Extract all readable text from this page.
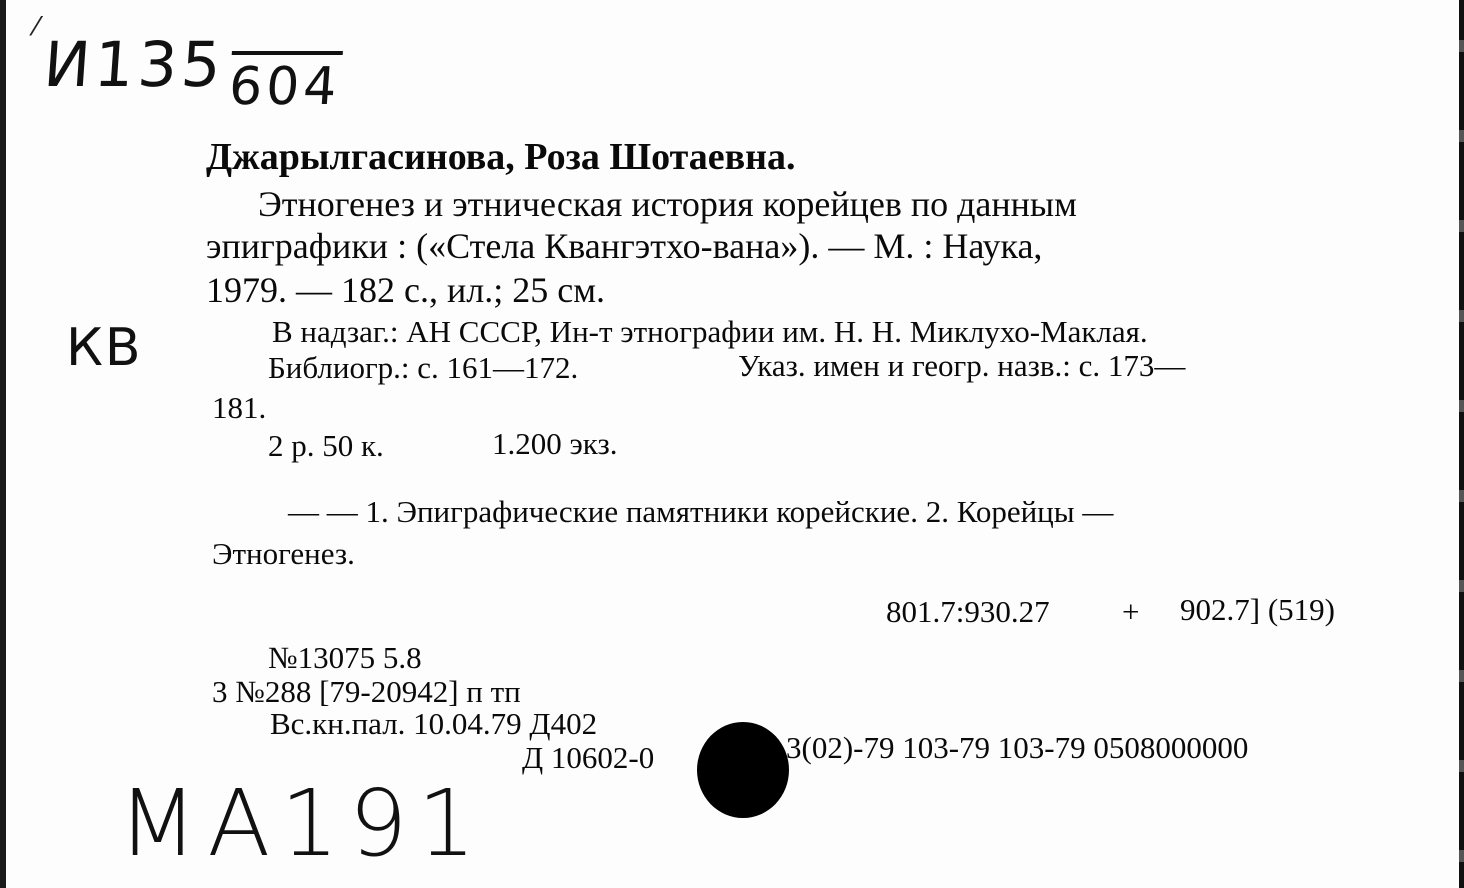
⁄
$И135_{604}$
КВ
МА191
Джарылгасинова, Роза Шотаевна.
Этногенез и этническая история корейцев по данным
эпиграфики : («Стела Квангэтхо-вана»). — М. : Наука,
1979. — 182 с., ил.; 25 см.
В надзаг.: АН СССР, Ин-т этнографии им. Н. Н. Миклухо-Маклая.
Библиогр.: с. 161—172.	Указ. имен и геогр. назв.: с. 173—
181.
2 р. 50 к.	1.200 экз.
— — 1. Эпиграфические памятники корейские. 2. Корейцы —
Этногенез.
801.7:930.27 + 902.7] (519)
№13075 5.8
3 №288 [79-20942] п тп
Вс.кн.пал. 10.04.79 Д402
Д 10602-0	3(02)-79 103-79 103-79 0508000000
